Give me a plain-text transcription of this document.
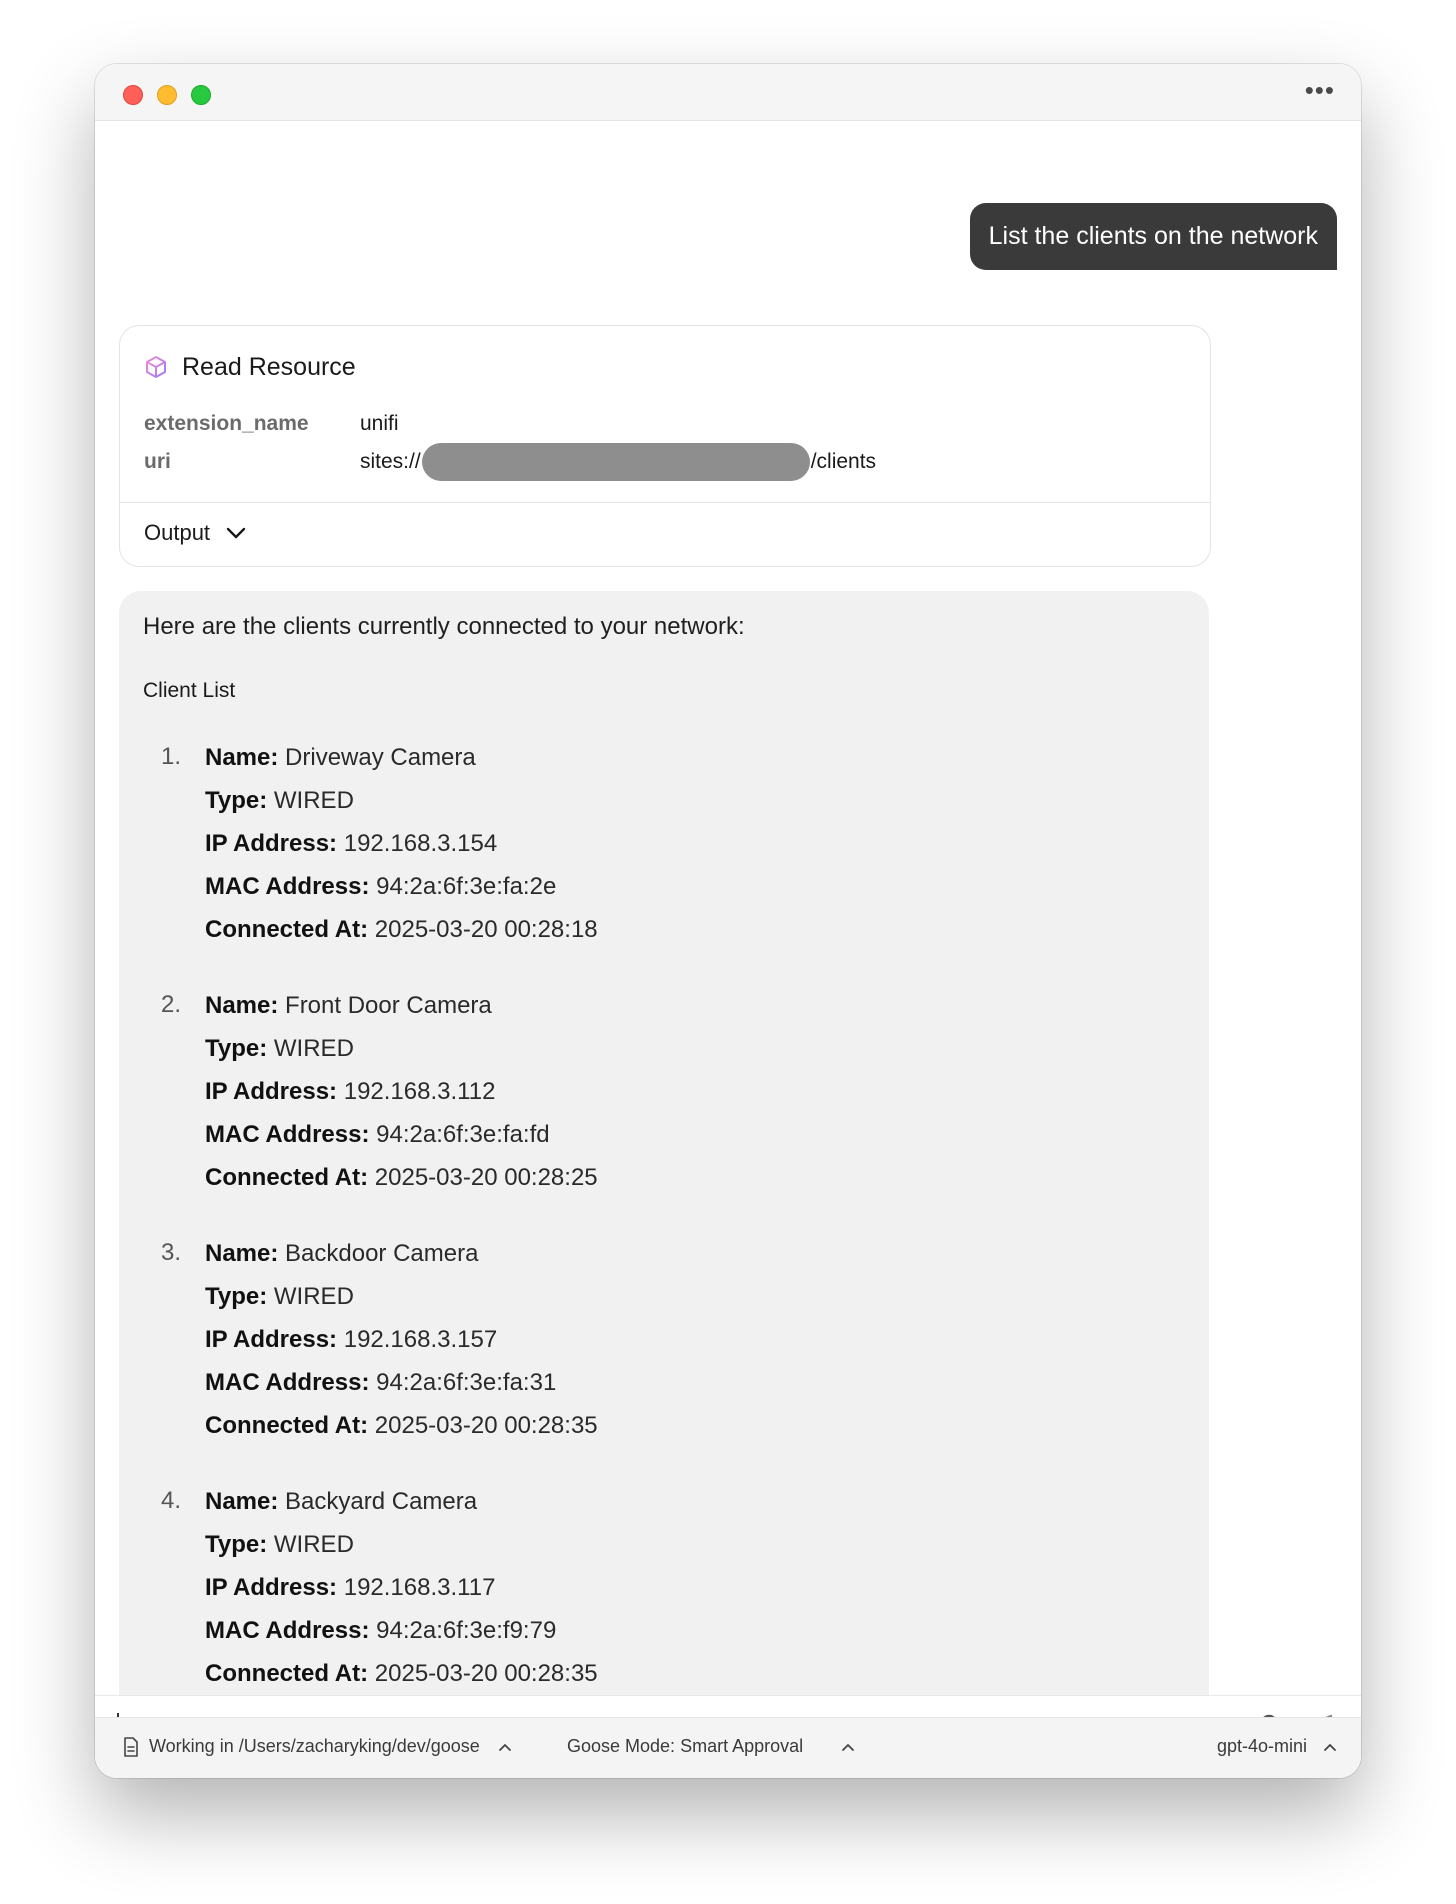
•••
List the clients on the network
Read Resource
extension_name	unifi
uri	sites://	/clients
Output
Here are the clients currently connected to your network:
Client List
1. Name: Driveway Camera
Type: WIRED
IP Address: 192.168.3.154
MAC Address: 94:2a:6f:3e:fa:2e
Connected At: 2025-03-20 00:28:18
2. Name: Front Door Camera
Type: WIRED
IP Address: 192.168.3.112
MAC Address: 94:2a:6f:3e:fa:fd
Connected At: 2025-03-20 00:28:25
3. Name: Backdoor Camera
Type: WIRED
IP Address: 192.168.3.157
MAC Address: 94:2a:6f:3e:fa:31
Connected At: 2025-03-20 00:28:35
4. Name: Backyard Camera
Type: WIRED
IP Address: 192.168.3.117
MAC Address: 94:2a:6f:3e:f9:79
Connected At: 2025-03-20 00:28:35
What can goose help with?
Working in /Users/zacharyking/dev/goose	Goose Mode: Smart Approval	gpt-4o-mini
